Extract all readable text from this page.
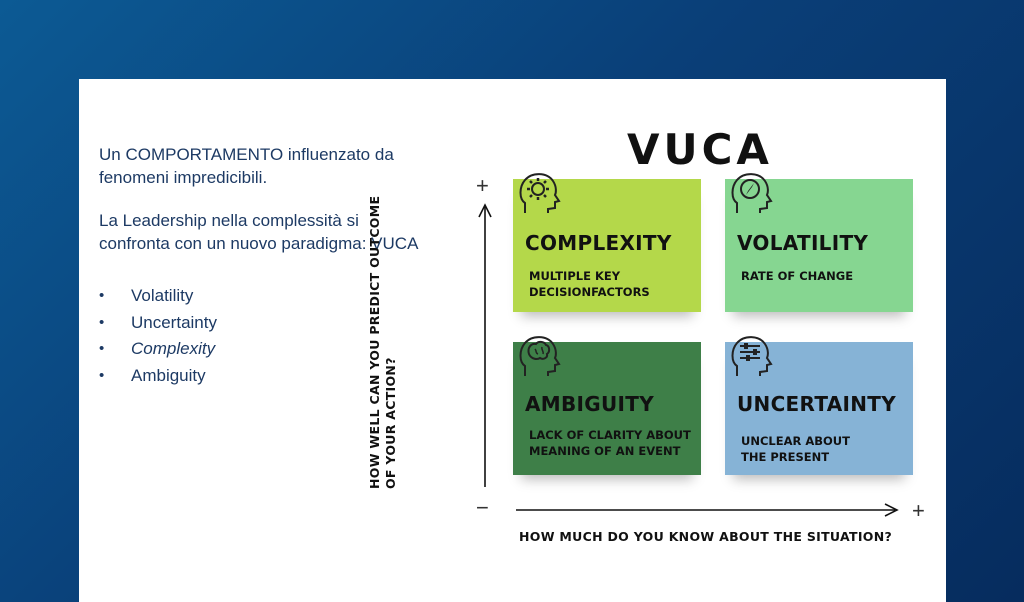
Un COMPORTAMENTO influenzato da fenomeni impredicibili.

La Leadership nella complessità si confronta con un nuovo paradigma: VUCA

• Volatility
• Uncertainty
• Complexity
• Ambiguity
VUCA
+
−	+
HOW WELL CAN YOU PREDICT OUTCOME OF YOUR ACTION?
HOW MUCH DO YOU KNOW ABOUT THE SITUATION?
COMPLEXITY
MULTIPLE KEY DECISIONFACTORS
VOLATILITY
RATE OF CHANGE
AMBIGUITY
LACK OF CLARITY ABOUT MEANING OF AN EVENT
UNCERTAINTY
UNCLEAR ABOUT THE PRESENT
